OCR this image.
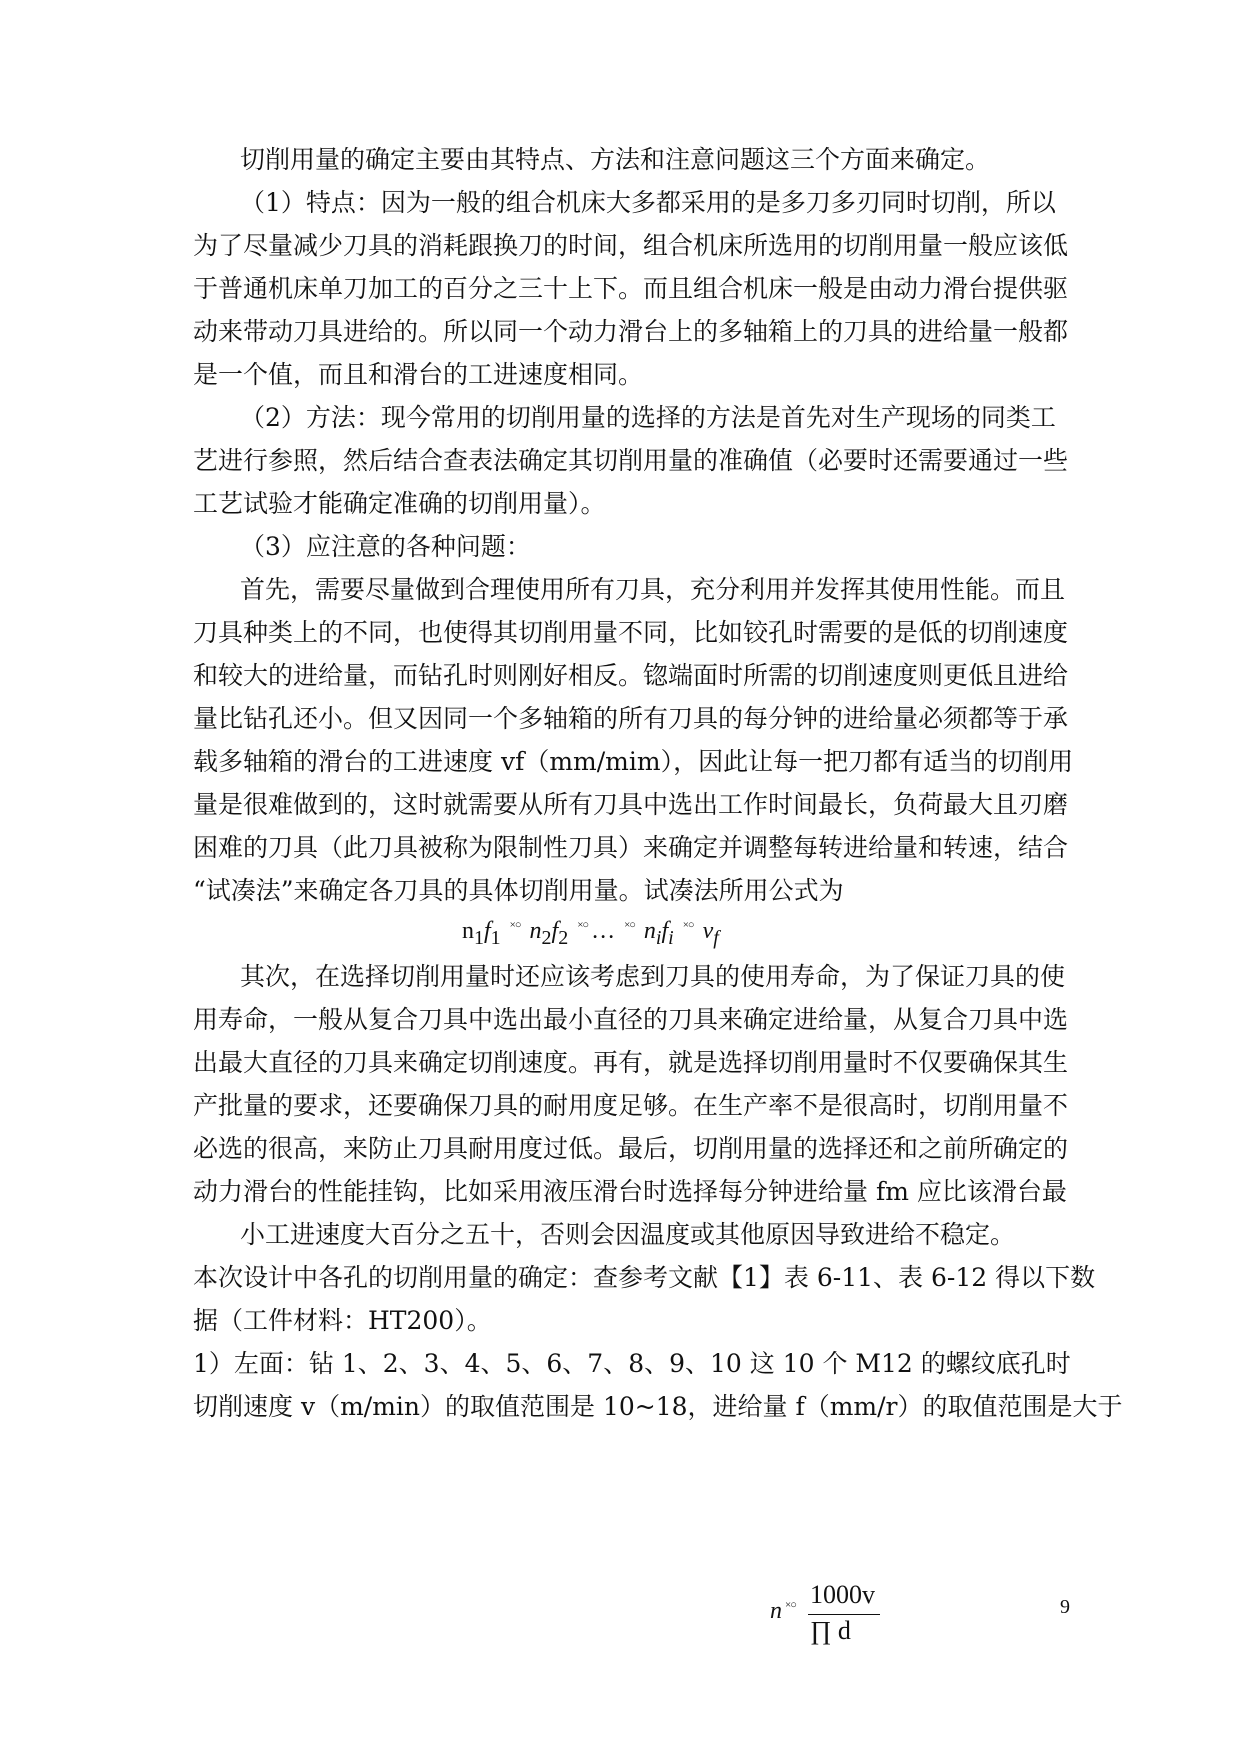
切削用量的确定主要由其特点、方法和注意问题这三个方面来确定。
（1）特点：因为一般的组合机床大多都采用的是多刀多刃同时切削，所以
为了尽量减少刀具的消耗跟换刀的时间，组合机床所选用的切削用量一般应该低
于普通机床单刀加工的百分之三十上下。而且组合机床一般是由动力滑台提供驱
动来带动刀具进给的。所以同一个动力滑台上的多轴箱上的刀具的进给量一般都
是一个值，而且和滑台的工进速度相同。
（2）方法：现今常用的切削用量的选择的方法是首先对生产现场的同类工
艺进行参照，然后结合查表法确定其切削用量的准确值（必要时还需要通过一些
工艺试验才能确定准确的切削用量）。
（3）应注意的各种问题：
首先，需要尽量做到合理使用所有刀具，充分利用并发挥其使用性能。而且
刀具种类上的不同，也使得其切削用量不同，比如铰孔时需要的是低的切削速度
和较大的进给量，而钻孔时则刚好相反。锪端面时所需的切削速度则更低且进给
量比钻孔还小。但又因同一个多轴箱的所有刀具的每分钟的进给量必须都等于承
载多轴箱的滑台的工进速度 vf（mm/mim），因此让每一把刀都有适当的切削用
量是很难做到的，这时就需要从所有刀具中选出工作时间最长，负荷最大且刃磨
困难的刀具（此刀具被称为限制性刀具）来确定并调整每转进给量和转速，结合
“试凑法”来确定各刀具的具体切削用量。试凑法所用公式为
$n_1f_1$ ×○ $n_2f_2$ ×○ … ×○ $n_if_i$ ×○ $v_f$
其次，在选择切削用量时还应该考虑到刀具的使用寿命，为了保证刀具的使
用寿命，一般从复合刀具中选出最小直径的刀具来确定进给量，从复合刀具中选
出最大直径的刀具来确定切削速度。再有，就是选择切削用量时不仅要确保其生
产批量的要求，还要确保刀具的耐用度足够。在生产率不是很高时，切削用量不
必选的很高，来防止刀具耐用度过低。最后，切削用量的选择还和之前所确定的
动力滑台的性能挂钩，比如采用液压滑台时选择每分钟进给量 fm 应比该滑台最
小工进速度大百分之五十，否则会因温度或其他原因导致进给不稳定。
本次设计中各孔的切削用量的确定：查参考文献【1】表 6-11、表 6-12 得以下数
据（工件材料：HT200）。
1）左面：钻 1、2、3、4、5、6、7、8、9、10 这 10 个 M12 的螺纹底孔时
切削速度 v（m/min）的取值范围是 10~18，进给量 f（mm/r）的取值范围是大于
n ×○ 1000v
∏ d
9
